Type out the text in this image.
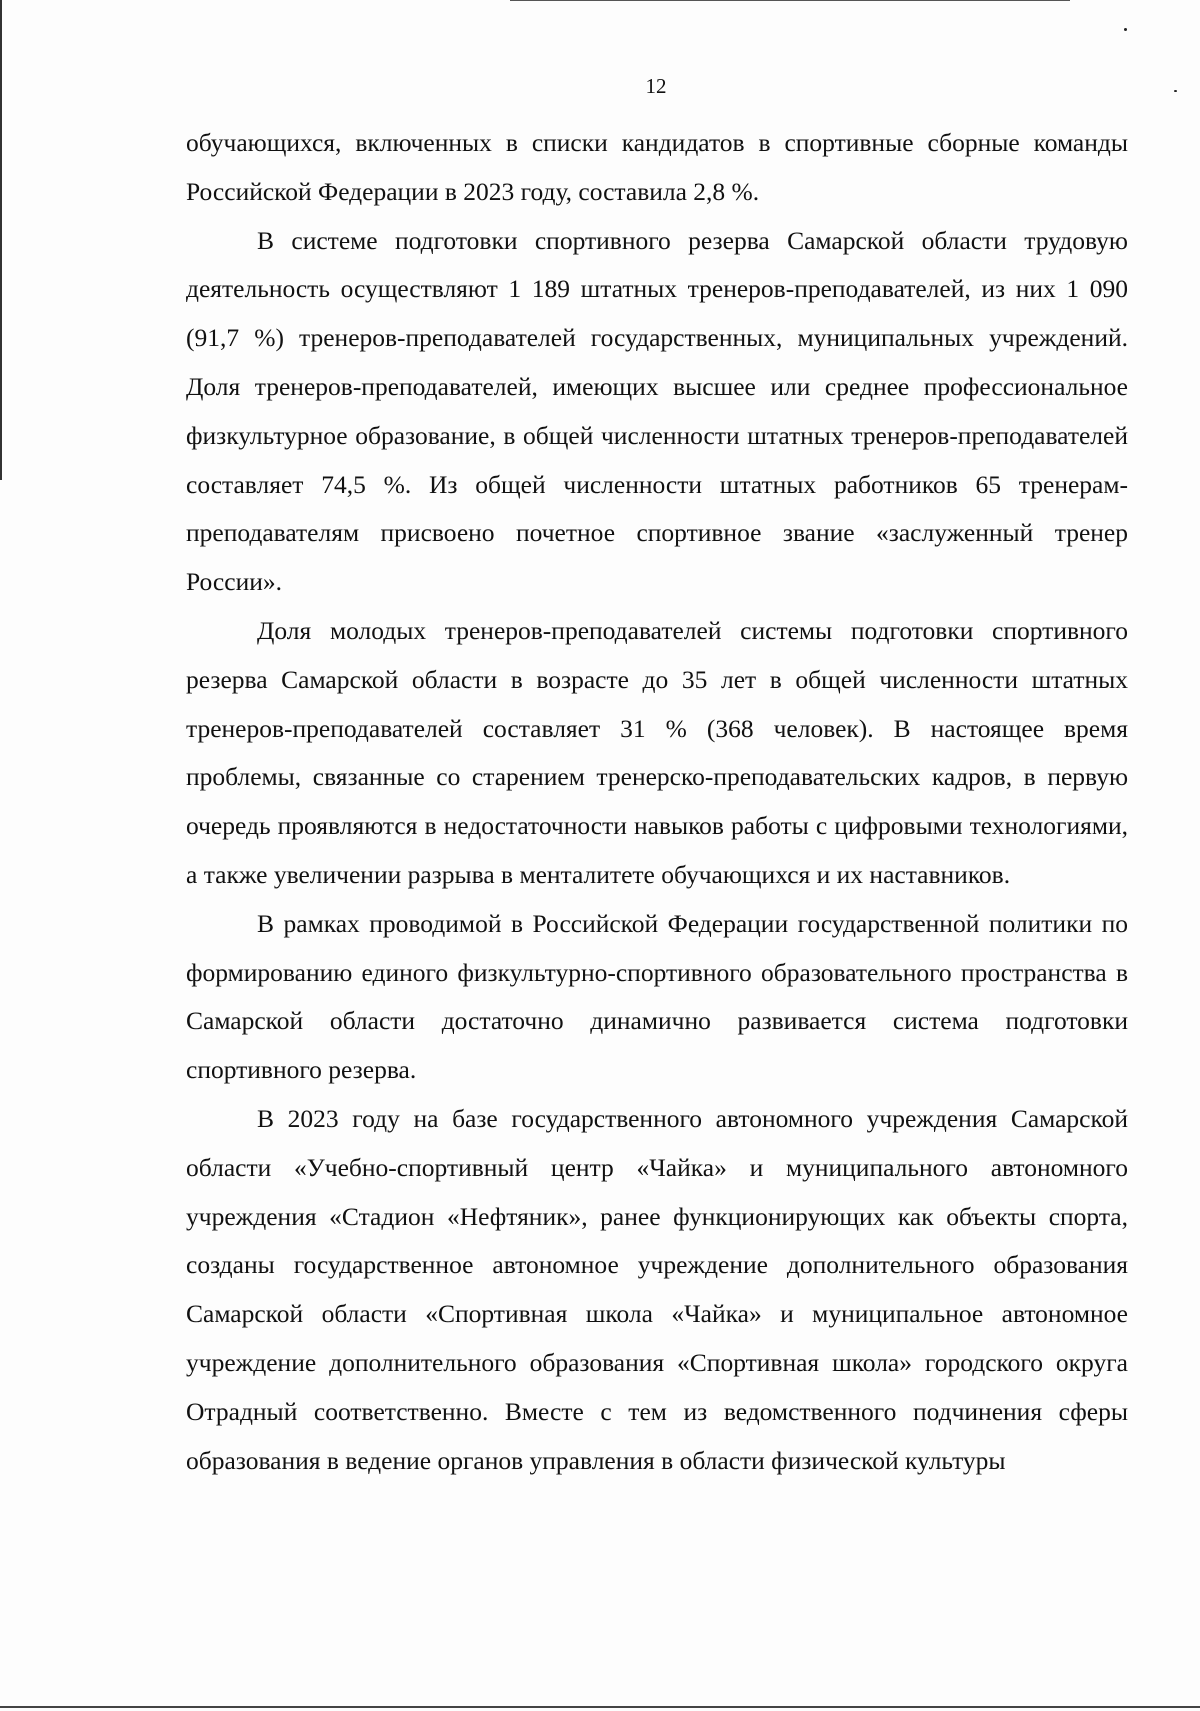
12

обучающихся, включенных в списки кандидатов в спортивные сборные команды Российской Федерации в 2023 году, составила 2,8 %.

В системе подготовки спортивного резерва Самарской области трудовую деятельность осуществляют 1 189 штатных тренеров-преподавателей, из них 1 090 (91,7 %) тренеров-преподавателей государственных, муниципальных учреждений. Доля тренеров-преподавателей, имеющих высшее или среднее профессиональное физкультурное образование, в общей численности штатных тренеров-преподавателей составляет 74,5 %. Из общей численности штатных работников 65 тренерам-преподавателям присвоено почетное спортивное звание «заслуженный тренер России».

Доля молодых тренеров-преподавателей системы подготовки спортивного резерва Самарской области в возрасте до 35 лет в общей численности штатных тренеров-преподавателей составляет 31 % (368 человек). В настоящее время проблемы, связанные со старением тренерско-преподавательских кадров, в первую очередь проявляются в недостаточности навыков работы с цифровыми технологиями, а также увеличении разрыва в менталитете обучающихся и их наставников.

В рамках проводимой в Российской Федерации государственной политики по формированию единого физкультурно-спортивного образовательного пространства в Самарской области достаточно динамично развивается система подготовки спортивного резерва.

В 2023 году на базе государственного автономного учреждения Самарской области «Учебно-спортивный центр «Чайка» и муниципального автономного учреждения «Стадион «Нефтяник», ранее функционирующих как объекты спорта, созданы государственное автономное учреждение дополнительного образования Самарской области «Спортивная школа «Чайка» и муниципальное автономное учреждение дополнительного образования «Спортивная школа» городского округа Отрадный соответственно. Вместе с тем из ведомственного подчинения сферы образования в ведение органов управления в области физической культуры
